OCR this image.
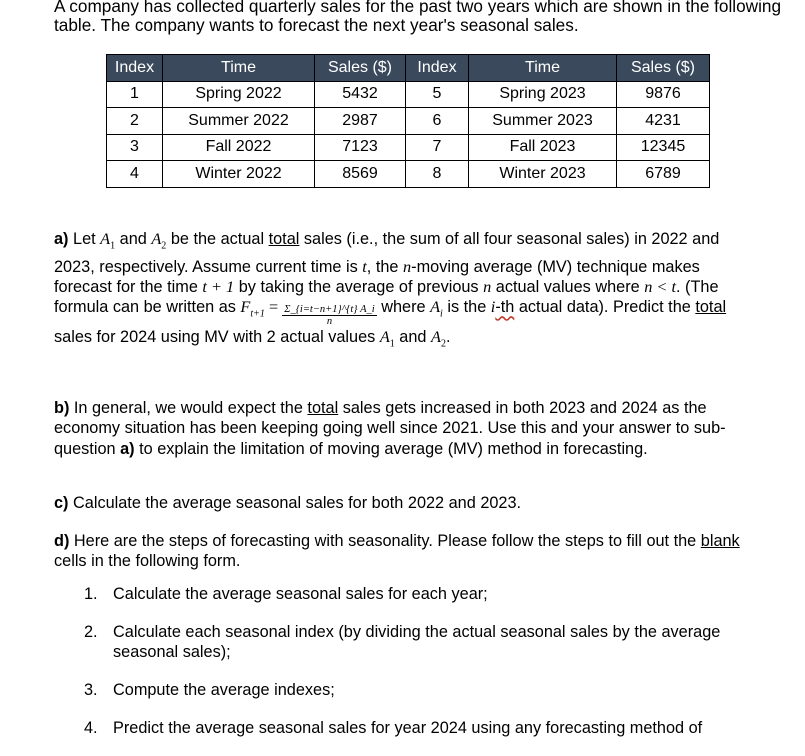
A company has collected quarterly sales for the past two years which are shown in the following table. The company wants to forecast the next year's seasonal sales.

Index	Time	Sales ($)	Index	Time	Sales ($)
1	Spring 2022	5432	5	Spring 2023	9876
2	Summer 2022	2987	6	Summer 2023	4231
3	Fall 2022	7123	7	Fall 2023	12345
4	Winter 2022	8569	8	Winter 2023	6789

a) Let $A_1$ and $A_2$ be the actual total sales (i.e., the sum of all four seasonal sales) in 2022 and 2023, respectively. Assume current time is t, the n-moving average (MV) technique makes forecast for the time t + 1 by taking the average of previous n actual values where n < t. (The formula can be written as $F_{t+1} = \frac{\Sigma\_\{i=t-n+1\}\^{}\{t\} A\_i}{n}$ where $A_i$ is the i-th actual data). Predict the total sales for 2024 using MV with 2 actual values $A_1$ and $A_2$.

b) In general, we would expect the total sales gets increased in both 2023 and 2024 as the economy situation has been keeping going well since 2021. Use this and your answer to sub-question a) to explain the limitation of moving average (MV) method in forecasting.

c) Calculate the average seasonal sales for both 2022 and 2023.

d) Here are the steps of forecasting with seasonality. Please follow the steps to fill out the blank cells in the following form.

1. Calculate the average seasonal sales for each year;
2. Calculate each seasonal index (by dividing the actual seasonal sales by the average seasonal sales);
3. Compute the average indexes;
4. Predict the average seasonal sales for year 2024 using any forecasting method of
